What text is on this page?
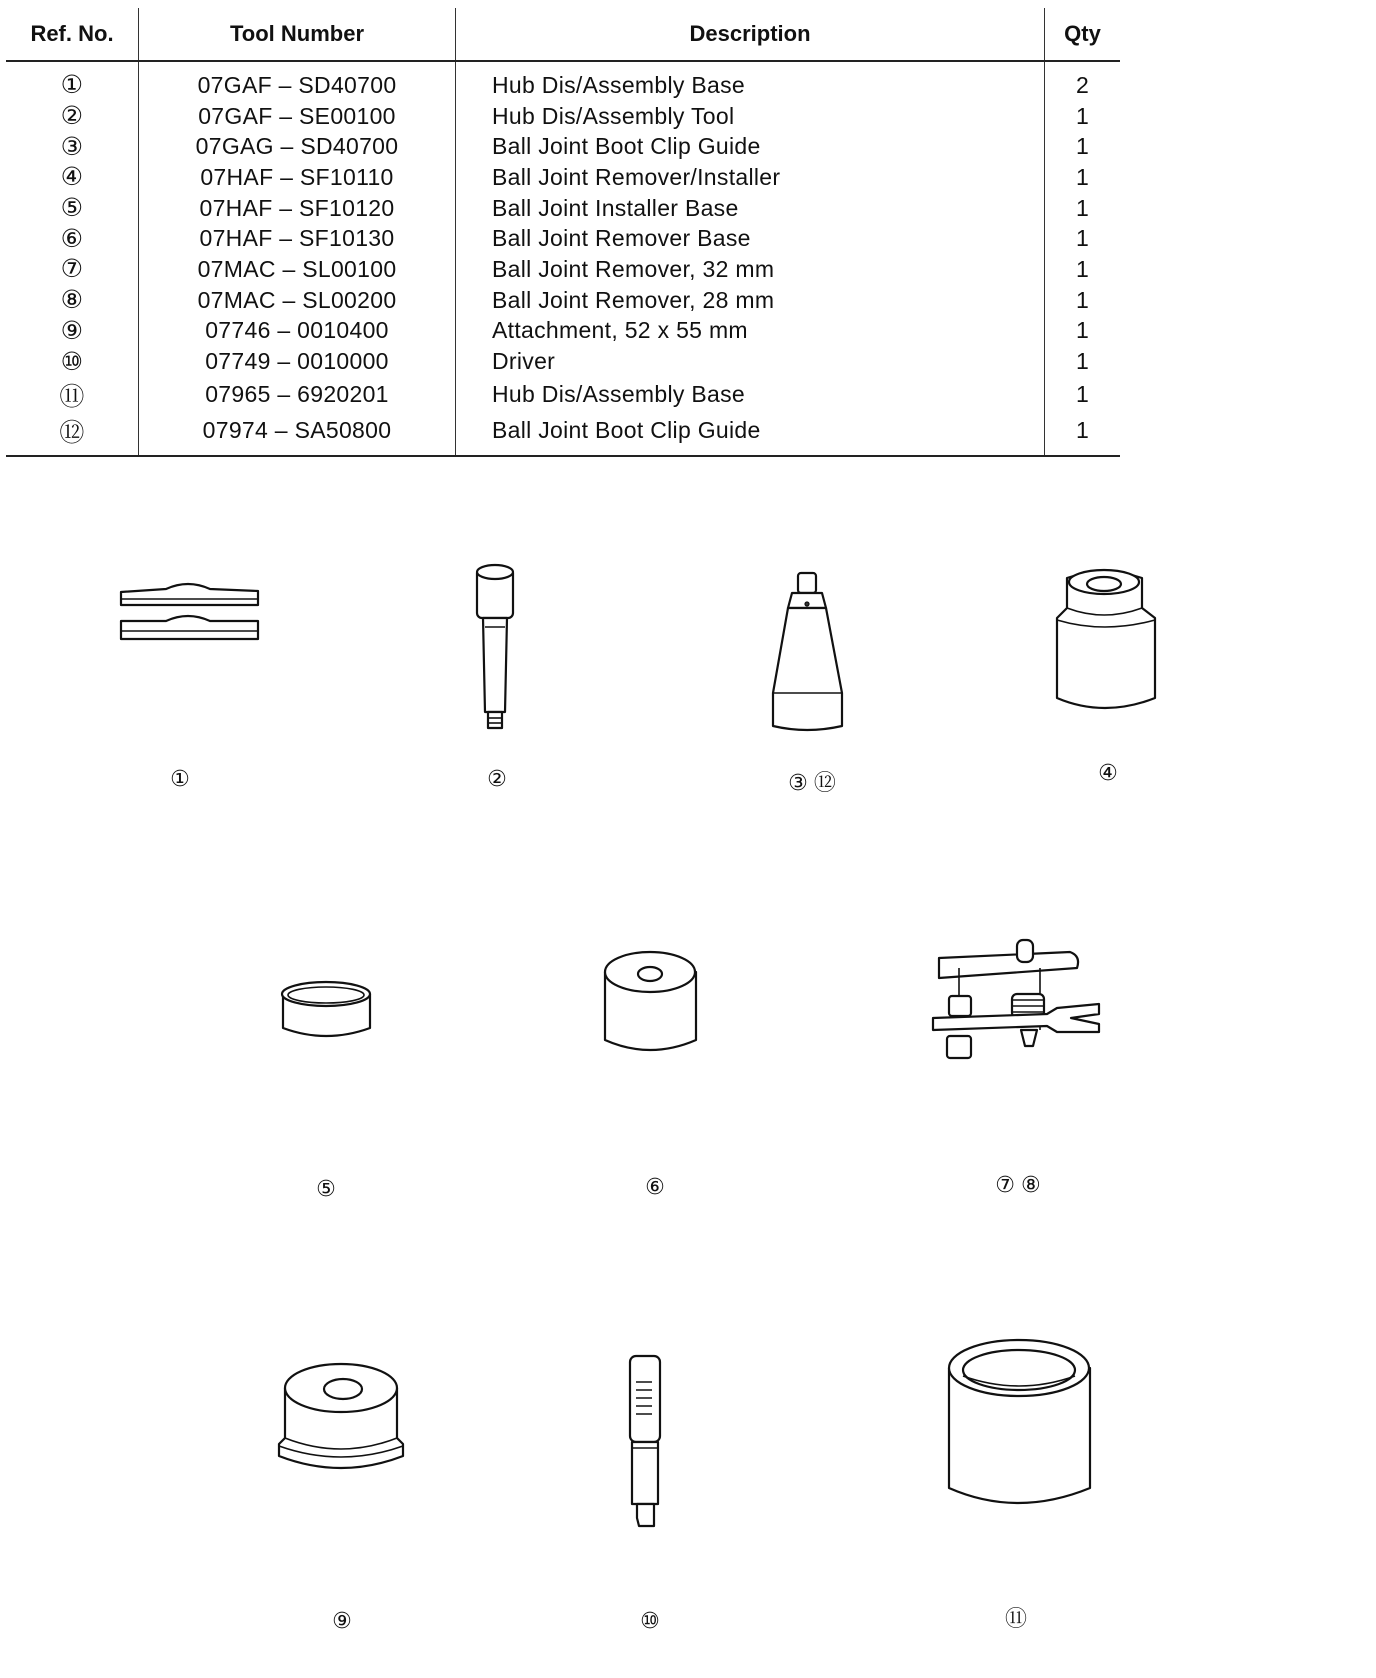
Ref. No.	Tool Number	Description	Qty
①	07GAF – SD40700	Hub Dis/Assembly Base	2
②	07GAF – SE00100	Hub Dis/Assembly Tool	1
③	07GAG – SD40700	Ball Joint Boot Clip Guide	1
④	07HAF – SF10110	Ball Joint Remover/Installer	1
⑤	07HAF – SF10120	Ball Joint Installer Base	1
⑥	07HAF – SF10130	Ball Joint Remover Base	1
⑦	07MAC – SL00100	Ball Joint Remover, 32 mm	1
⑧	07MAC – SL00200	Ball Joint Remover, 28 mm	1
⑨	07746 – 0010400	Attachment, 52 x 55 mm	1
⑩	07749 – 0010000	Driver	1
⑪	07965 – 6920201	Hub Dis/Assembly Base	1
⑫	07974 – SA50800	Ball Joint Boot Clip Guide	1
①	②	③ ⑫	④
⑤	⑥	⑦ ⑧
⑨	⑩	⑪
